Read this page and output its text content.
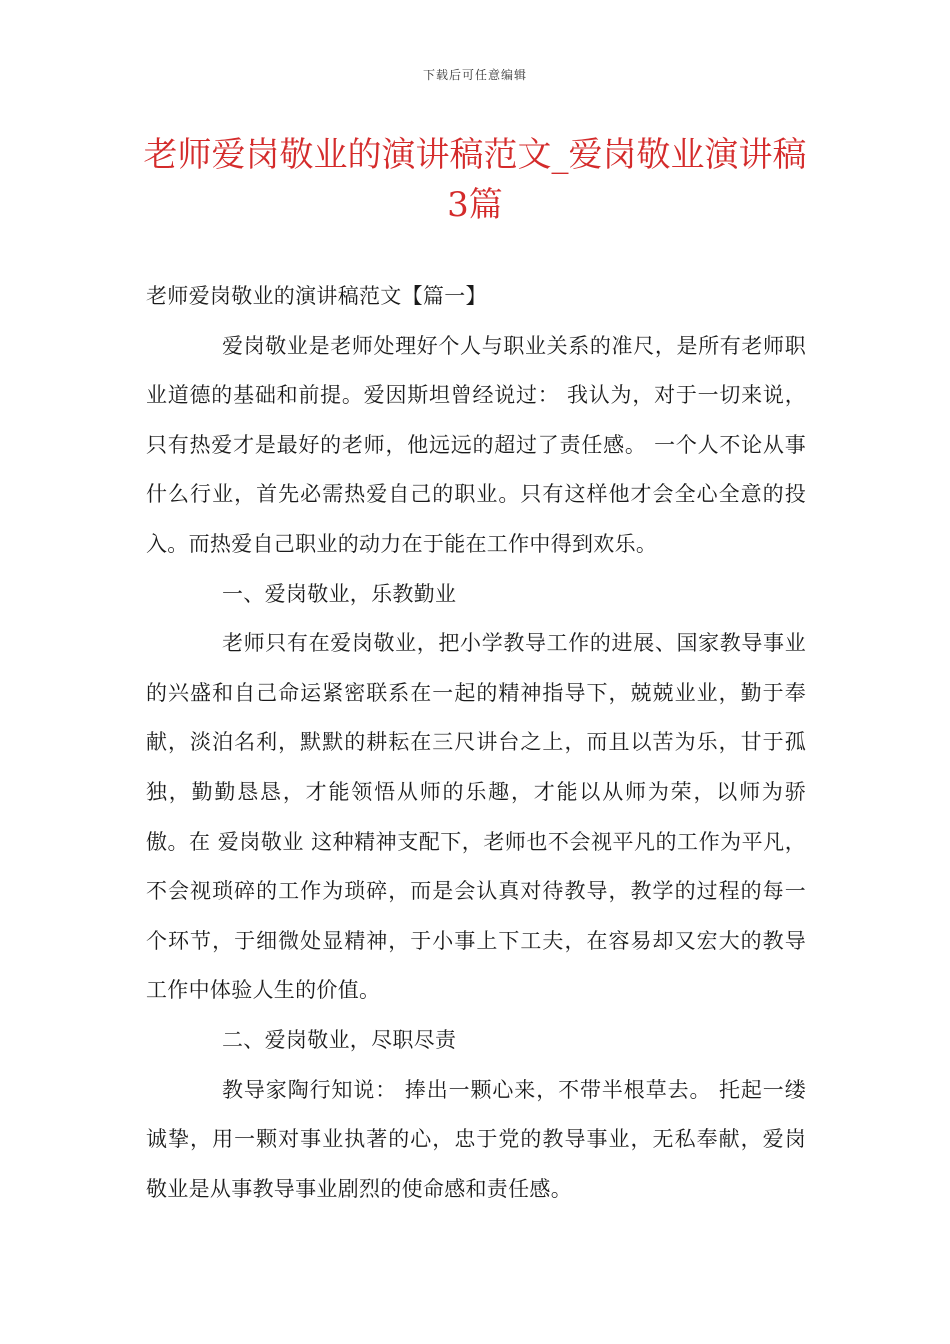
下载后可任意编辑
老师爱岗敬业的演讲稿范文_爱岗敬业演讲稿3篇

老师爱岗敬业的演讲稿范文【篇一】

爱岗敬业是老师处理好个人与职业关系的准尺，是所有老师职业道德的基础和前提。爱因斯坦曾经说过： 我认为，对于一切来说，只有热爱才是最好的老师，他远远的超过了责任感。 一个人不论从事什么行业，首先必需热爱自己的职业。只有这样他才会全心全意的投入。而热爱自己职业的动力在于能在工作中得到欢乐。

一、爱岗敬业，乐教勤业

老师只有在爱岗敬业，把小学教导工作的进展、国家教导事业的兴盛和自己命运紧密联系在一起的精神指导下，兢兢业业，勤于奉献，淡泊名利，默默的耕耘在三尺讲台之上，而且以苦为乐，甘于孤独，勤勤恳恳，才能领悟从师的乐趣，才能以从师为荣，以师为骄傲。在 爱岗敬业 这种精神支配下，老师也不会视平凡的工作为平凡，不会视琐碎的工作为琐碎，而是会认真对待教导，教学的过程的每一个环节，于细微处显精神，于小事上下工夫，在容易却又宏大的教导工作中体验人生的价值。

二、爱岗敬业，尽职尽责

教导家陶行知说： 捧出一颗心来，不带半根草去。 托起一缕诚挚，用一颗对事业执著的心，忠于党的教导事业，无私奉献，爱岗敬业是从事教导事业剧烈的使命感和责任感。
